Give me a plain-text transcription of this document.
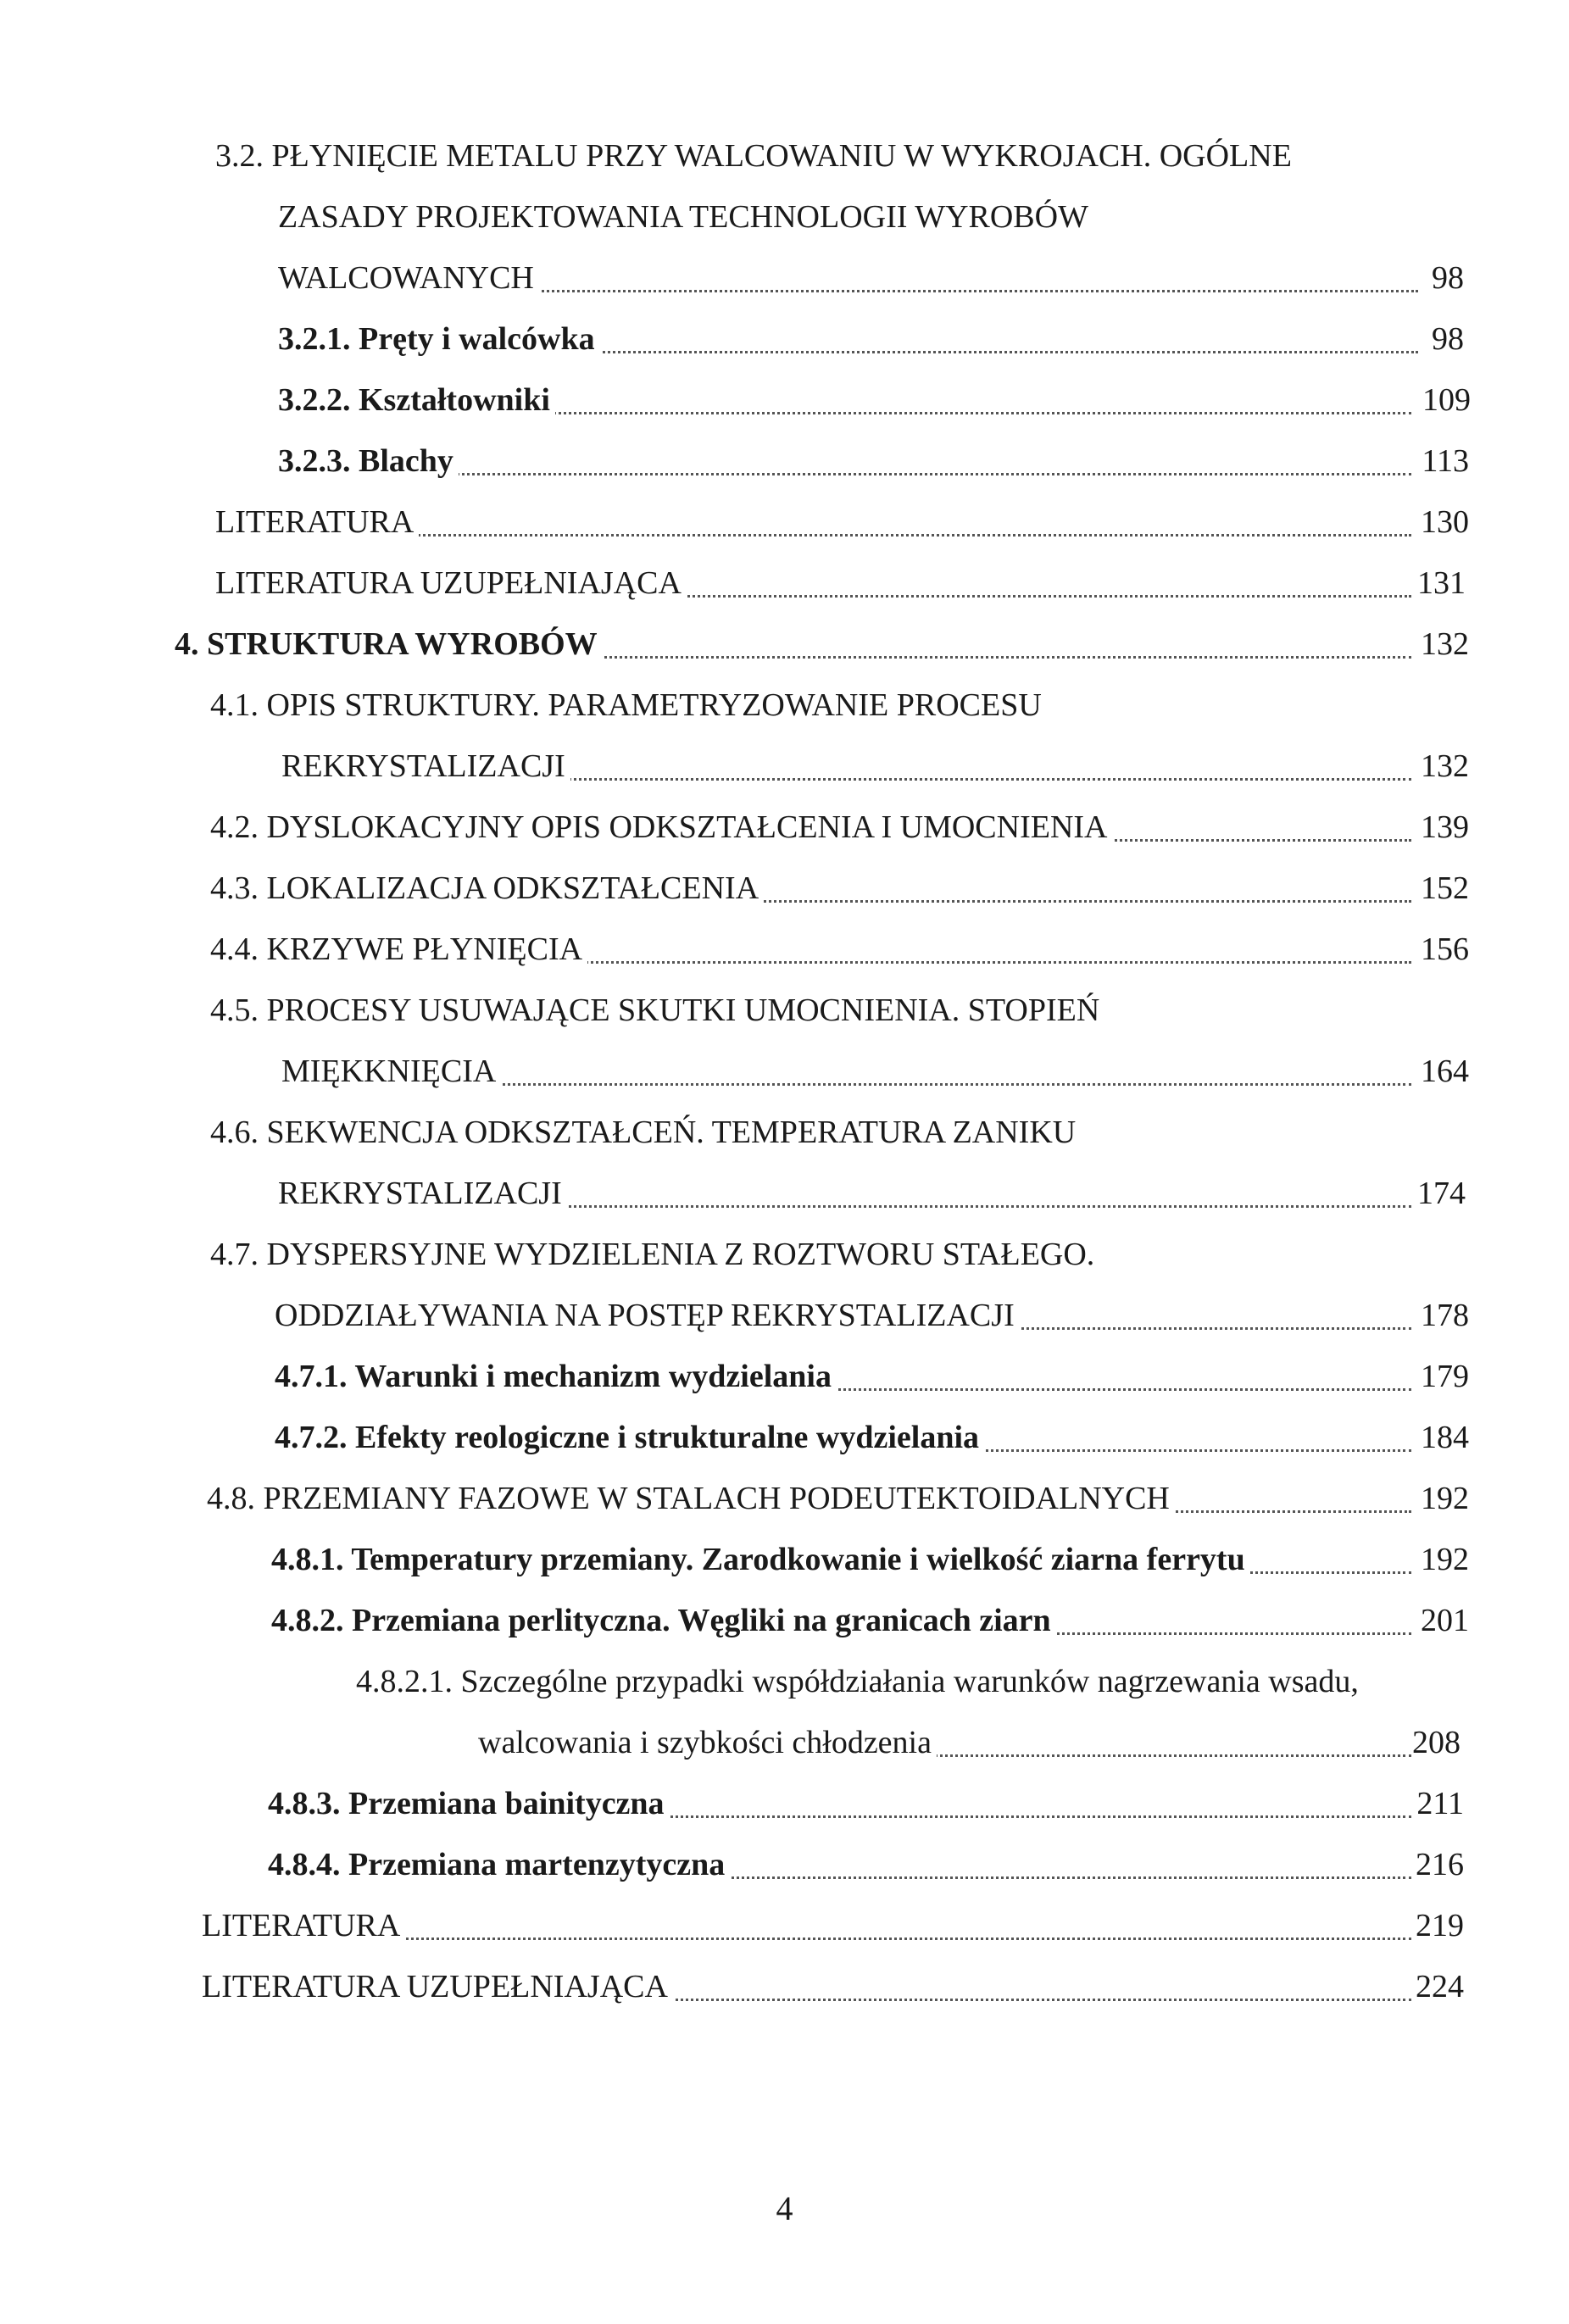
3.2. PŁYNIĘCIE METALU PRZY WALCOWANIU W WYKROJACH. OGÓLNE
ZASADY PROJEKTOWANIA TECHNOLOGII WYROBÓW
WALCOWANYCH	98
3.2.1. Pręty i walcówka	98
3.2.2. Kształtowniki	109
3.2.3. Blachy	113
LITERATURA	130
LITERATURA UZUPEŁNIAJĄCA	131
4. STRUKTURA WYROBÓW	132
4.1. OPIS STRUKTURY. PARAMETRYZOWANIE PROCESU
REKRYSTALIZACJI	132
4.2. DYSLOKACYJNY OPIS ODKSZTAŁCENIA I UMOCNIENIA	139
4.3. LOKALIZACJA ODKSZTAŁCENIA	152
4.4. KRZYWE PŁYNIĘCIA	156
4.5. PROCESY USUWAJĄCE SKUTKI UMOCNIENIA. STOPIEŃ
MIĘKKNIĘCIA	164
4.6. SEKWENCJA ODKSZTAŁCEŃ. TEMPERATURA ZANIKU
REKRYSTALIZACJI	174
4.7. DYSPERSYJNE WYDZIELENIA Z ROZTWORU STAŁEGO.
ODDZIAŁYWANIA NA POSTĘP REKRYSTALIZACJI	178
4.7.1. Warunki i mechanizm wydzielania	179
4.7.2. Efekty reologiczne i strukturalne wydzielania	184
4.8. PRZEMIANY FAZOWE W STALACH PODEUTEKTOIDALNYCH	192
4.8.1. Temperatury przemiany. Zarodkowanie i wielkość ziarna ferrytu	192
4.8.2. Przemiana perlityczna. Węgliki na granicach ziarn	201
4.8.2.1. Szczególne przypadki współdziałania warunków nagrzewania wsadu,
walcowania i szybkości chłodzenia	208
4.8.3. Przemiana bainityczna	211
4.8.4. Przemiana martenzytyczna	216
LITERATURA	219
LITERATURA UZUPEŁNIAJĄCA	224
4
